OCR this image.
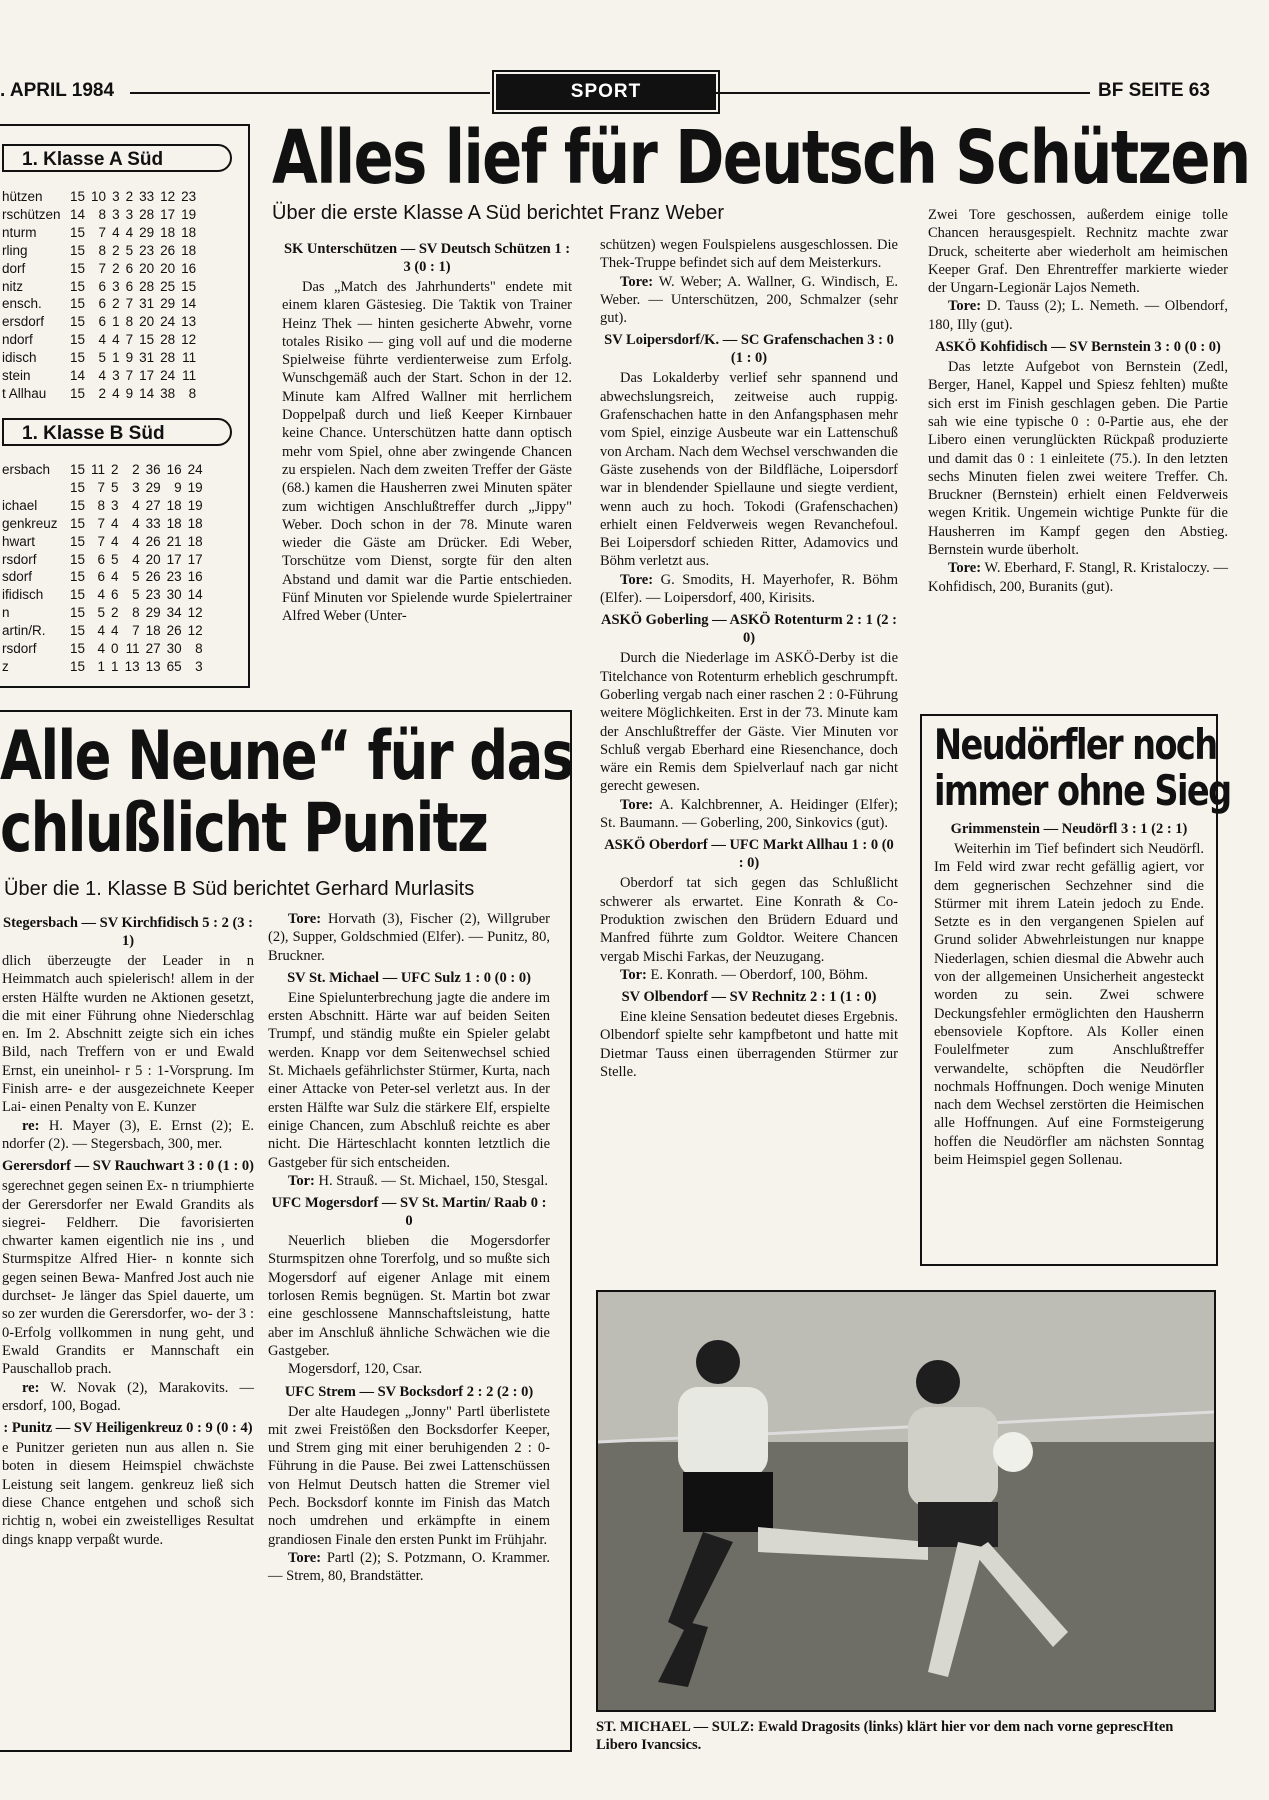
. APRIL 1984	SPORT	BF SEITE 63
1. Klasse A Süd
hützen	15	10	3	2	33	12	23
rschützen	14	8	3	3	28	17	19
nturm	15	7	4	4	29	18	18
rling	15	8	2	5	23	26	18
dorf	15	7	2	6	20	20	16
nitz	15	6	3	6	28	25	15
ensch.	15	6	2	7	31	29	14
ersdorf	15	6	1	8	20	24	13
ndorf	15	4	4	7	15	28	12
idisch	15	5	1	9	31	28	11
stein	14	4	3	7	17	24	11
t Allhau	15	2	4	9	14	38	8
1. Klasse B Süd
ersbach	15	11	2	2	36	16	24
	15	7	5	3	29	9	19
ichael	15	8	3	4	27	18	19
genkreuz	15	7	4	4	33	18	18
hwart	15	7	4	4	26	21	18
rsdorf	15	6	5	4	20	17	17
sdorf	15	6	4	5	26	23	16
ifidisch	15	4	6	5	23	30	14
n	15	5	2	8	29	34	12
artin/R.	15	4	4	7	18	26	12
rsdorf	15	4	0	11	27	30	8
z	15	1	1	13	13	65	3
Alles lief für Deutsch Schützen
Über die erste Klasse A Süd berichtet Franz Weber
SK Unterschützen — SV Deutsch Schützen 1 : 3 (0 : 1)

Das „Match des Jahrhunderts" endete mit einem klaren Gästesieg. Die Taktik von Trainer Heinz Thek — hinten gesicherte Abwehr, vorne totales Risiko — ging voll auf und die moderne Spielweise führte verdienterweise zum Erfolg. Wunschgemäß auch der Start. Schon in der 12. Minute kam Alfred Wallner mit herrlichem Doppelpaß durch und ließ Keeper Kirnbauer keine Chance. Unterschützen hatte dann optisch mehr vom Spiel, ohne aber zwingende Chancen zu erspielen. Nach dem zweiten Treffer der Gäste (68.) kamen die Hausherren zwei Minuten später zum wichtigen Anschlußtreffer durch „Jippy" Weber. Doch schon in der 78. Minute waren wieder die Gäste am Drücker. Edi Weber, Torschütze vom Dienst, sorgte für den alten Abstand und damit war die Partie entschieden. Fünf Minuten vor Spielende wurde Spielertrainer Alfred Weber (Unter-

schützen) wegen Foulspielens ausgeschlossen. Die Thek-Truppe befindet sich auf dem Meisterkurs.

Tore: W. Weber; A. Wallner, G. Windisch, E. Weber. — Unterschützen, 200, Schmalzer (sehr gut).

SV Loipersdorf/K. — SC Grafenschachen 3 : 0 (1 : 0)

Das Lokalderby verlief sehr spannend und abwechslungsreich, zeitweise auch ruppig. Grafenschachen hatte in den Anfangsphasen mehr vom Spiel, einzige Ausbeute war ein Lattenschuß von Archam. Nach dem Wechsel verschwanden die Gäste zusehends von der Bildfläche, Loipersdorf war in blendender Spiellaune und siegte verdient, wenn auch zu hoch. Tokodi (Grafenschachen) erhielt einen Feldverweis wegen Revanchefoul. Bei Loipersdorf schieden Ritter, Adamovics und Böhm verletzt aus.

Tore: G. Smodits, H. Mayerhofer, R. Böhm (Elfer). — Loipersdorf, 400, Kirisits.

ASKÖ Goberling — ASKÖ Rotenturm 2 : 1 (2 : 0)

Durch die Niederlage im ASKÖ-Derby ist die Titelchance von Rotenturm erheblich geschrumpft. Goberling vergab nach einer raschen 2 : 0-Führung weitere Möglichkeiten. Erst in der 73. Minute kam der Anschlußtreffer der Gäste. Vier Minuten vor Schluß vergab Eberhard eine Riesenchance, doch wäre ein Remis dem Spielverlauf nach gar nicht gerecht gewesen.

Tore: A. Kalchbrenner, A. Heidinger (Elfer); St. Baumann. — Goberling, 200, Sinkovics (gut).

ASKÖ Oberdorf — UFC Markt Allhau 1 : 0 (0 : 0)

Oberdorf tat sich gegen das Schlußlicht schwerer als erwartet. Eine Konrath & Co-Produktion zwischen den Brüdern Eduard und Manfred führte zum Goldtor. Weitere Chancen vergab Mischi Farkas, der Neuzugang.

Tor: E. Konrath. — Oberdorf, 100, Böhm.

SV Olbendorf — SV Rechnitz 2 : 1 (1 : 0)

Eine kleine Sensation bedeutet dieses Ergebnis. Olbendorf spielte sehr kampfbetont und hatte mit Dietmar Tauss einen überragenden Stürmer zur Stelle.

Zwei Tore geschossen, außerdem einige tolle Chancen herausgespielt. Rechnitz machte zwar Druck, scheiterte aber wiederholt am heimischen Keeper Graf. Den Ehrentreffer markierte wieder der Ungarn-Legionär Lajos Nemeth.

Tore: D. Tauss (2); L. Nemeth. — Olbendorf, 180, Illy (gut).

ASKÖ Kohfidisch — SV Bernstein 3 : 0 (0 : 0)

Das letzte Aufgebot von Bernstein (Zedl, Berger, Hanel, Kappel und Spiesz fehlten) mußte sich erst im Finish geschlagen geben. Die Partie sah wie eine typische 0 : 0-Partie aus, ehe der Libero einen verunglückten Rückpaß produzierte und damit das 0 : 1 einleitete (75.). In den letzten sechs Minuten fielen zwei weitere Treffer. Ch. Bruckner (Bernstein) erhielt einen Feldverweis wegen Kritik. Ungemein wichtige Punkte für die Hausherren im Kampf gegen den Abstieg. Bernstein wurde überholt.

Tore: W. Eberhard, F. Stangl, R. Kristaloczy. — Kohfidisch, 200, Buranits (gut).

Alle Neune“ für das
chlußlicht Punitz
Über die 1. Klasse B Süd berichtet Gerhard Murlasits
Stegersbach — SV Kirchfidisch 5 : 2 (3 : 1)

dlich überzeugte der Leader in n Heimmatch auch spielerisch! allem in der ersten Hälfte wurden ne Aktionen gesetzt, die mit einer Führung ohne Niederschlag en. Im 2. Abschnitt zeigte sich ein iches Bild, nach Treffern von er und Ewald Ernst, ein uneinhol- r 5 : 1-Vorsprung. Im Finish arre- e der ausgezeichnete Keeper Lai- einen Penalty von E. Kunzer

re: H. Mayer (3), E. Ernst (2); E. ndorfer (2). — Stegersbach, 300, mer.

Gerersdorf — SV Rauchwart 3 : 0 (1 : 0)

sgerechnet gegen seinen Ex- n triumphierte der Gerersdorfer ner Ewald Grandits als siegrei- Feldherr. Die favorisierten chwarter kamen eigentlich nie ins , und Sturmspitze Alfred Hier- n konnte sich gegen seinen Bewa- Manfred Jost auch nie durchset- Je länger das Spiel dauerte, um so zer wurden die Gerersdorfer, wo- der 3 : 0-Erfolg vollkommen in nung geht, und Ewald Grandits er Mannschaft ein Pauschallob prach.

re: W. Novak (2), Marakovits. — ersdorf, 100, Bogad.

: Punitz — SV Heiligenkreuz 0 : 9 (0 : 4)

e Punitzer gerieten nun aus allen n. Sie boten in diesem Heimspiel chwächste Leistung seit langem. genkreuz ließ sich diese Chance entgehen und schoß sich richtig n, wobei ein zweistelliges Resultat dings knapp verpaßt wurde.

Tore: Horvath (3), Fischer (2), Willgruber (2), Supper, Goldschmied (Elfer). — Punitz, 80, Bruckner.

SV St. Michael — UFC Sulz 1 : 0 (0 : 0)

Eine Spielunterbrechung jagte die andere im ersten Abschnitt. Härte war auf beiden Seiten Trumpf, und ständig mußte ein Spieler gelabt werden. Knapp vor dem Seitenwechsel schied St. Michaels gefährlichster Stürmer, Kurta, nach einer Attacke von Peter-sel verletzt aus. In der ersten Hälfte war Sulz die stärkere Elf, erspielte einige Chancen, zum Abschluß reichte es aber nicht. Die Härteschlacht konnten letztlich die Gastgeber für sich entscheiden.

Tor: H. Strauß. — St. Michael, 150, Stesgal.

UFC Mogersdorf — SV St. Martin/ Raab 0 : 0

Neuerlich blieben die Mogersdorfer Sturmspitzen ohne Torerfolg, und so mußte sich Mogersdorf auf eigener Anlage mit einem torlosen Remis begnügen. St. Martin bot zwar eine geschlossene Mannschaftsleistung, hatte aber im Anschluß ähnliche Schwächen wie die Gastgeber.

Mogersdorf, 120, Csar.

UFC Strem — SV Bocksdorf 2 : 2 (2 : 0)

Der alte Haudegen „Jonny" Partl überlistete mit zwei Freistößen den Bocksdorfer Keeper, und Strem ging mit einer beruhigenden 2 : 0-Führung in die Pause. Bei zwei Lattenschüssen von Helmut Deutsch hatten die Stremer viel Pech. Bocksdorf konnte im Finish das Match noch umdrehen und erkämpfte in einem grandiosen Finale den ersten Punkt im Frühjahr.

Tore: Partl (2); S. Potzmann, O. Krammer. — Strem, 80, Brandstätter.

Neudörfler noch
immer ohne Sieg
Grimmenstein — Neudörfl 3 : 1 (2 : 1)

Weiterhin im Tief befindert sich Neudörfl. Im Feld wird zwar recht gefällig agiert, vor dem gegnerischen Sechzehner sind die Stürmer mit ihrem Latein jedoch zu Ende. Setzte es in den vergangenen Spielen auf Grund solider Abwehrleistungen nur knappe Niederlagen, schien diesmal die Abwehr auch von der allgemeinen Unsicherheit angesteckt worden zu sein. Zwei schwere Deckungsfehler ermöglichten den Hausherrn ebensoviele Kopftore. Als Koller einen Foulelfmeter zum Anschlußtreffer verwandelte, schöpften die Neudörfler nochmals Hoffnungen. Doch wenige Minuten nach dem Wechsel zerstörten die Heimischen alle Hoffnungen. Auf eine Formsteigerung hoffen die Neudörfler am nächsten Sonntag beim Heimspiel gegen Sollenau.

ST. MICHAEL — SULZ: Ewald Dragosits (links) klärt hier vor dem nach vorne geprescHten Libero Ivancsics.
